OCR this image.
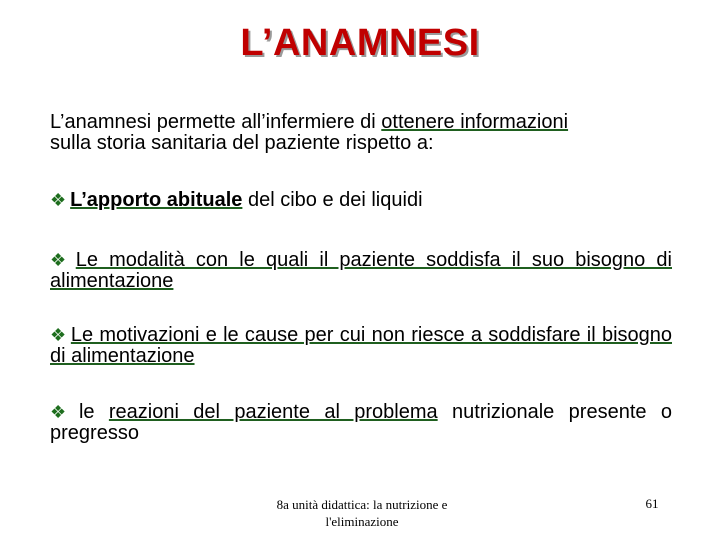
L’ANAMNESI
L’anamnesi permette all’infermiere di ottenere informazioni
sulla storia sanitaria del paziente rispetto a:
❖ L’apporto abituale del cibo e dei liquidi
❖ Le modalità con le quali il paziente soddisfa il suo bisogno di alimentazione
❖ Le motivazioni e le cause per cui non riesce a soddisfare il bisogno di alimentazione
❖ le reazioni del paziente al problema nutrizionale presente o pregresso
8a unità didattica: la nutrizione e l'eliminazione
61
